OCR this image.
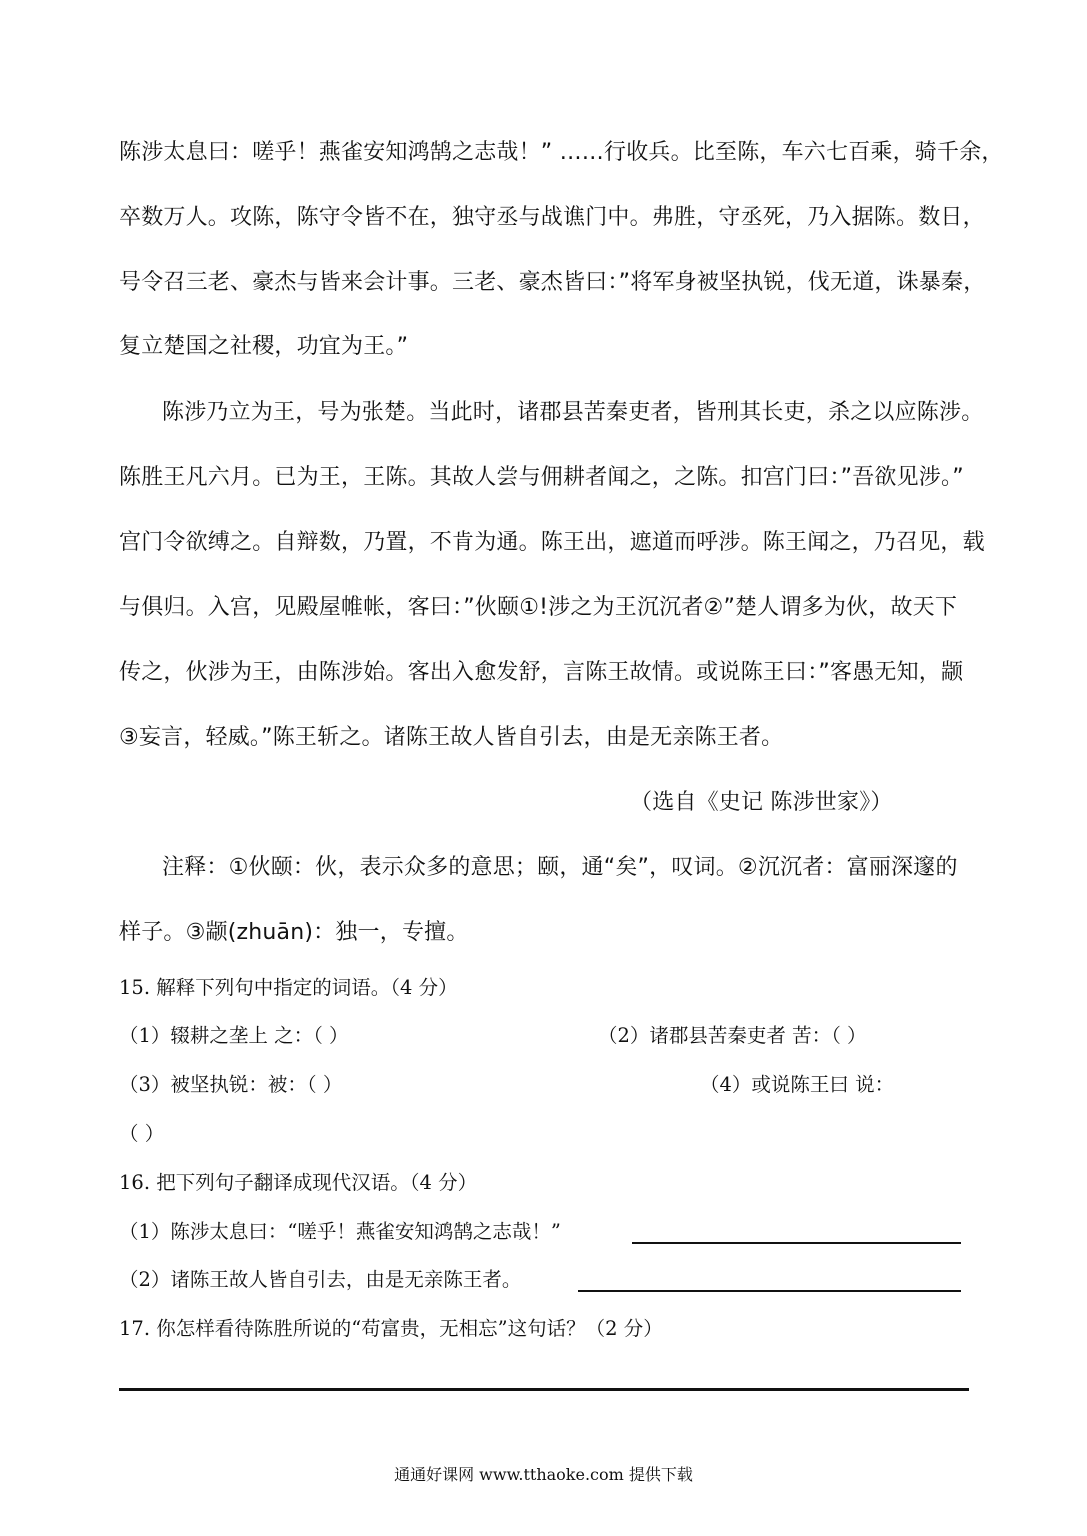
陈涉太息曰：嗟乎！燕雀安知鸿鹄之志哉！” ……行收兵。比至陈，车六七百乘，骑千余，
卒数万人。攻陈，陈守令皆不在，独守丞与战谯门中。弗胜，守丞死，乃入据陈。数日，
号令召三老、豪杰与皆来会计事。三老、豪杰皆曰：”将军身被坚执锐，伐无道，诛暴秦，
复立楚国之社稷，功宜为王。”
陈涉乃立为王，号为张楚。当此时，诸郡县苦秦吏者，皆刑其长吏，杀之以应陈涉。
陈胜王凡六月。已为王，王陈。其故人尝与佣耕者闻之，之陈。扣宫门曰：”吾欲见涉。”
宫门令欲缚之。自辩数，乃置，不肯为通。陈王出，遮道而呼涉。陈王闻之，乃召见，载
与俱归。入宫，见殿屋帷帐，客曰：”伙颐①!涉之为王沉沉者②”楚人谓多为伙，故天下
传之，伙涉为王，由陈涉始。客出入愈发舒，言陈王故情。或说陈王曰：”客愚无知，颛
③妄言，轻威。”陈王斩之。诸陈王故人皆自引去，由是无亲陈王者。
（选自《史记 陈涉世家》）
注释：①伙颐：伙，表示众多的意思；颐，通“矣”，叹词。②沉沉者：富丽深邃的
样子。③颛(zhuān)：独一，专擅。
15. 解释下列句中指定的词语。（4 分）
（1）辍耕之垄上 之：（ ）	（2）诸郡县苦秦吏者 苦：（ ）
（3）被坚执锐：被：（ ）	（4）或说陈王曰 说：
（ ）
16. 把下列句子翻译成现代汉语。（4 分）
（1）陈涉太息曰：“嗟乎！燕雀安知鸿鹄之志哉！”
（2）诸陈王故人皆自引去，由是无亲陈王者。
17. 你怎样看待陈胜所说的“苟富贵，无相忘”这句话？（2 分）
通通好课网 www.tthaoke.com 提供下载
